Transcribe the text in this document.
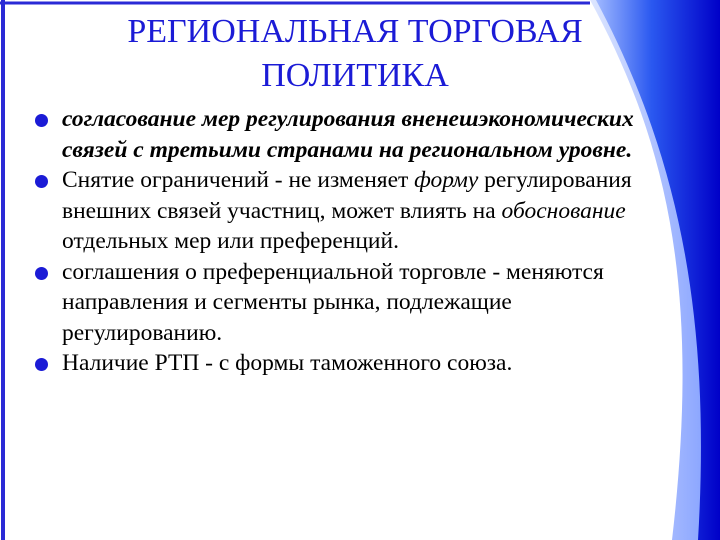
РЕГИОНАЛЬНАЯ ТОРГОВАЯ
ПОЛИТИКА
согласование мер регулирования вненешэкономических связей с третьими странами на региональном уровне.
Снятие ограничений - не изменяет форму регулирования внешних связей участниц, может влиять на обоснование отдельных мер или преференций.
соглашения о преференциальной торговле - меняются направления и сегменты рынка, подлежащие регулированию.
Наличие РТП - с формы таможенного союза.
